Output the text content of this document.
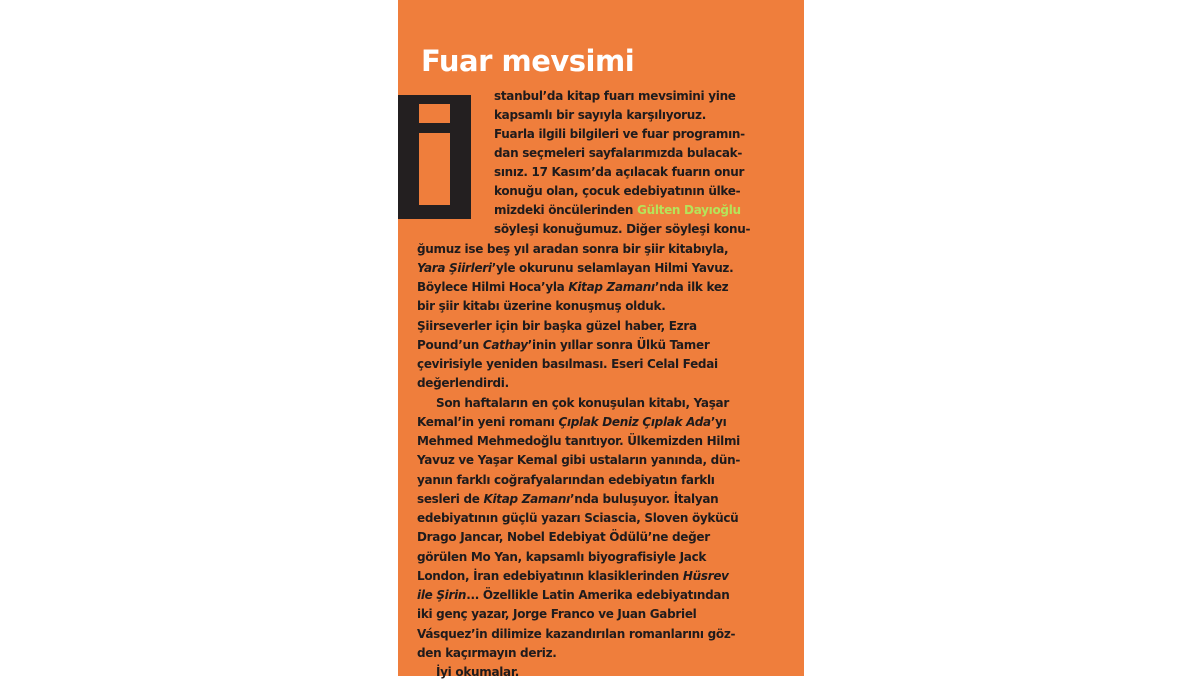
Fuar mevsimi
stanbul’da kitap fuarı mevsimini yine
kapsamlı bir sayıyla karşılıyoruz.
Fuarla ilgili bilgileri ve fuar programın-
dan seçmeleri sayfalarımızda bulacak-
sınız. 17 Kasım’da açılacak fuarın onur
konuğu olan, çocuk edebiyatının ülke-
mizdeki öncülerinden Gülten Dayıoğlu
söyleşi konuğumuz. Diğer söyleşi konu-
ğumuz ise beş yıl aradan sonra bir şiir kitabıyla,
Yara Şiirleri’yle okurunu selamlayan Hilmi Yavuz.
Böylece Hilmi Hoca’yla Kitap Zamanı’nda ilk kez
bir şiir kitabı üzerine konuşmuş olduk.
Şiirseverler için bir başka güzel haber, Ezra
Pound’un Cathay’inin yıllar sonra Ülkü Tamer
çevirisiyle yeniden basılması. Eseri Celal Fedai
değerlendirdi.
Son haftaların en çok konuşulan kitabı, Yaşar
Kemal’in yeni romanı Çıplak Deniz Çıplak Ada’yı
Mehmed Mehmedoğlu tanıtıyor. Ülkemizden Hilmi
Yavuz ve Yaşar Kemal gibi ustaların yanında, dün-
yanın farklı coğrafyalarından edebiyatın farklı
sesleri de Kitap Zamanı’nda buluşuyor. İtalyan
edebiyatının güçlü yazarı Sciascia, Sloven öykücü
Drago Jancar, Nobel Edebiyat Ödülü’ne değer
görülen Mo Yan, kapsamlı biyografisiyle Jack
London, İran edebiyatının klasiklerinden Hüsrev
ile Şirin... Özellikle Latin Amerika edebiyatından
iki genç yazar, Jorge Franco ve Juan Gabriel
Vásquez’in dilimize kazandırılan romanlarını göz-
den kaçırmayın deriz.
İyi okumalar.
